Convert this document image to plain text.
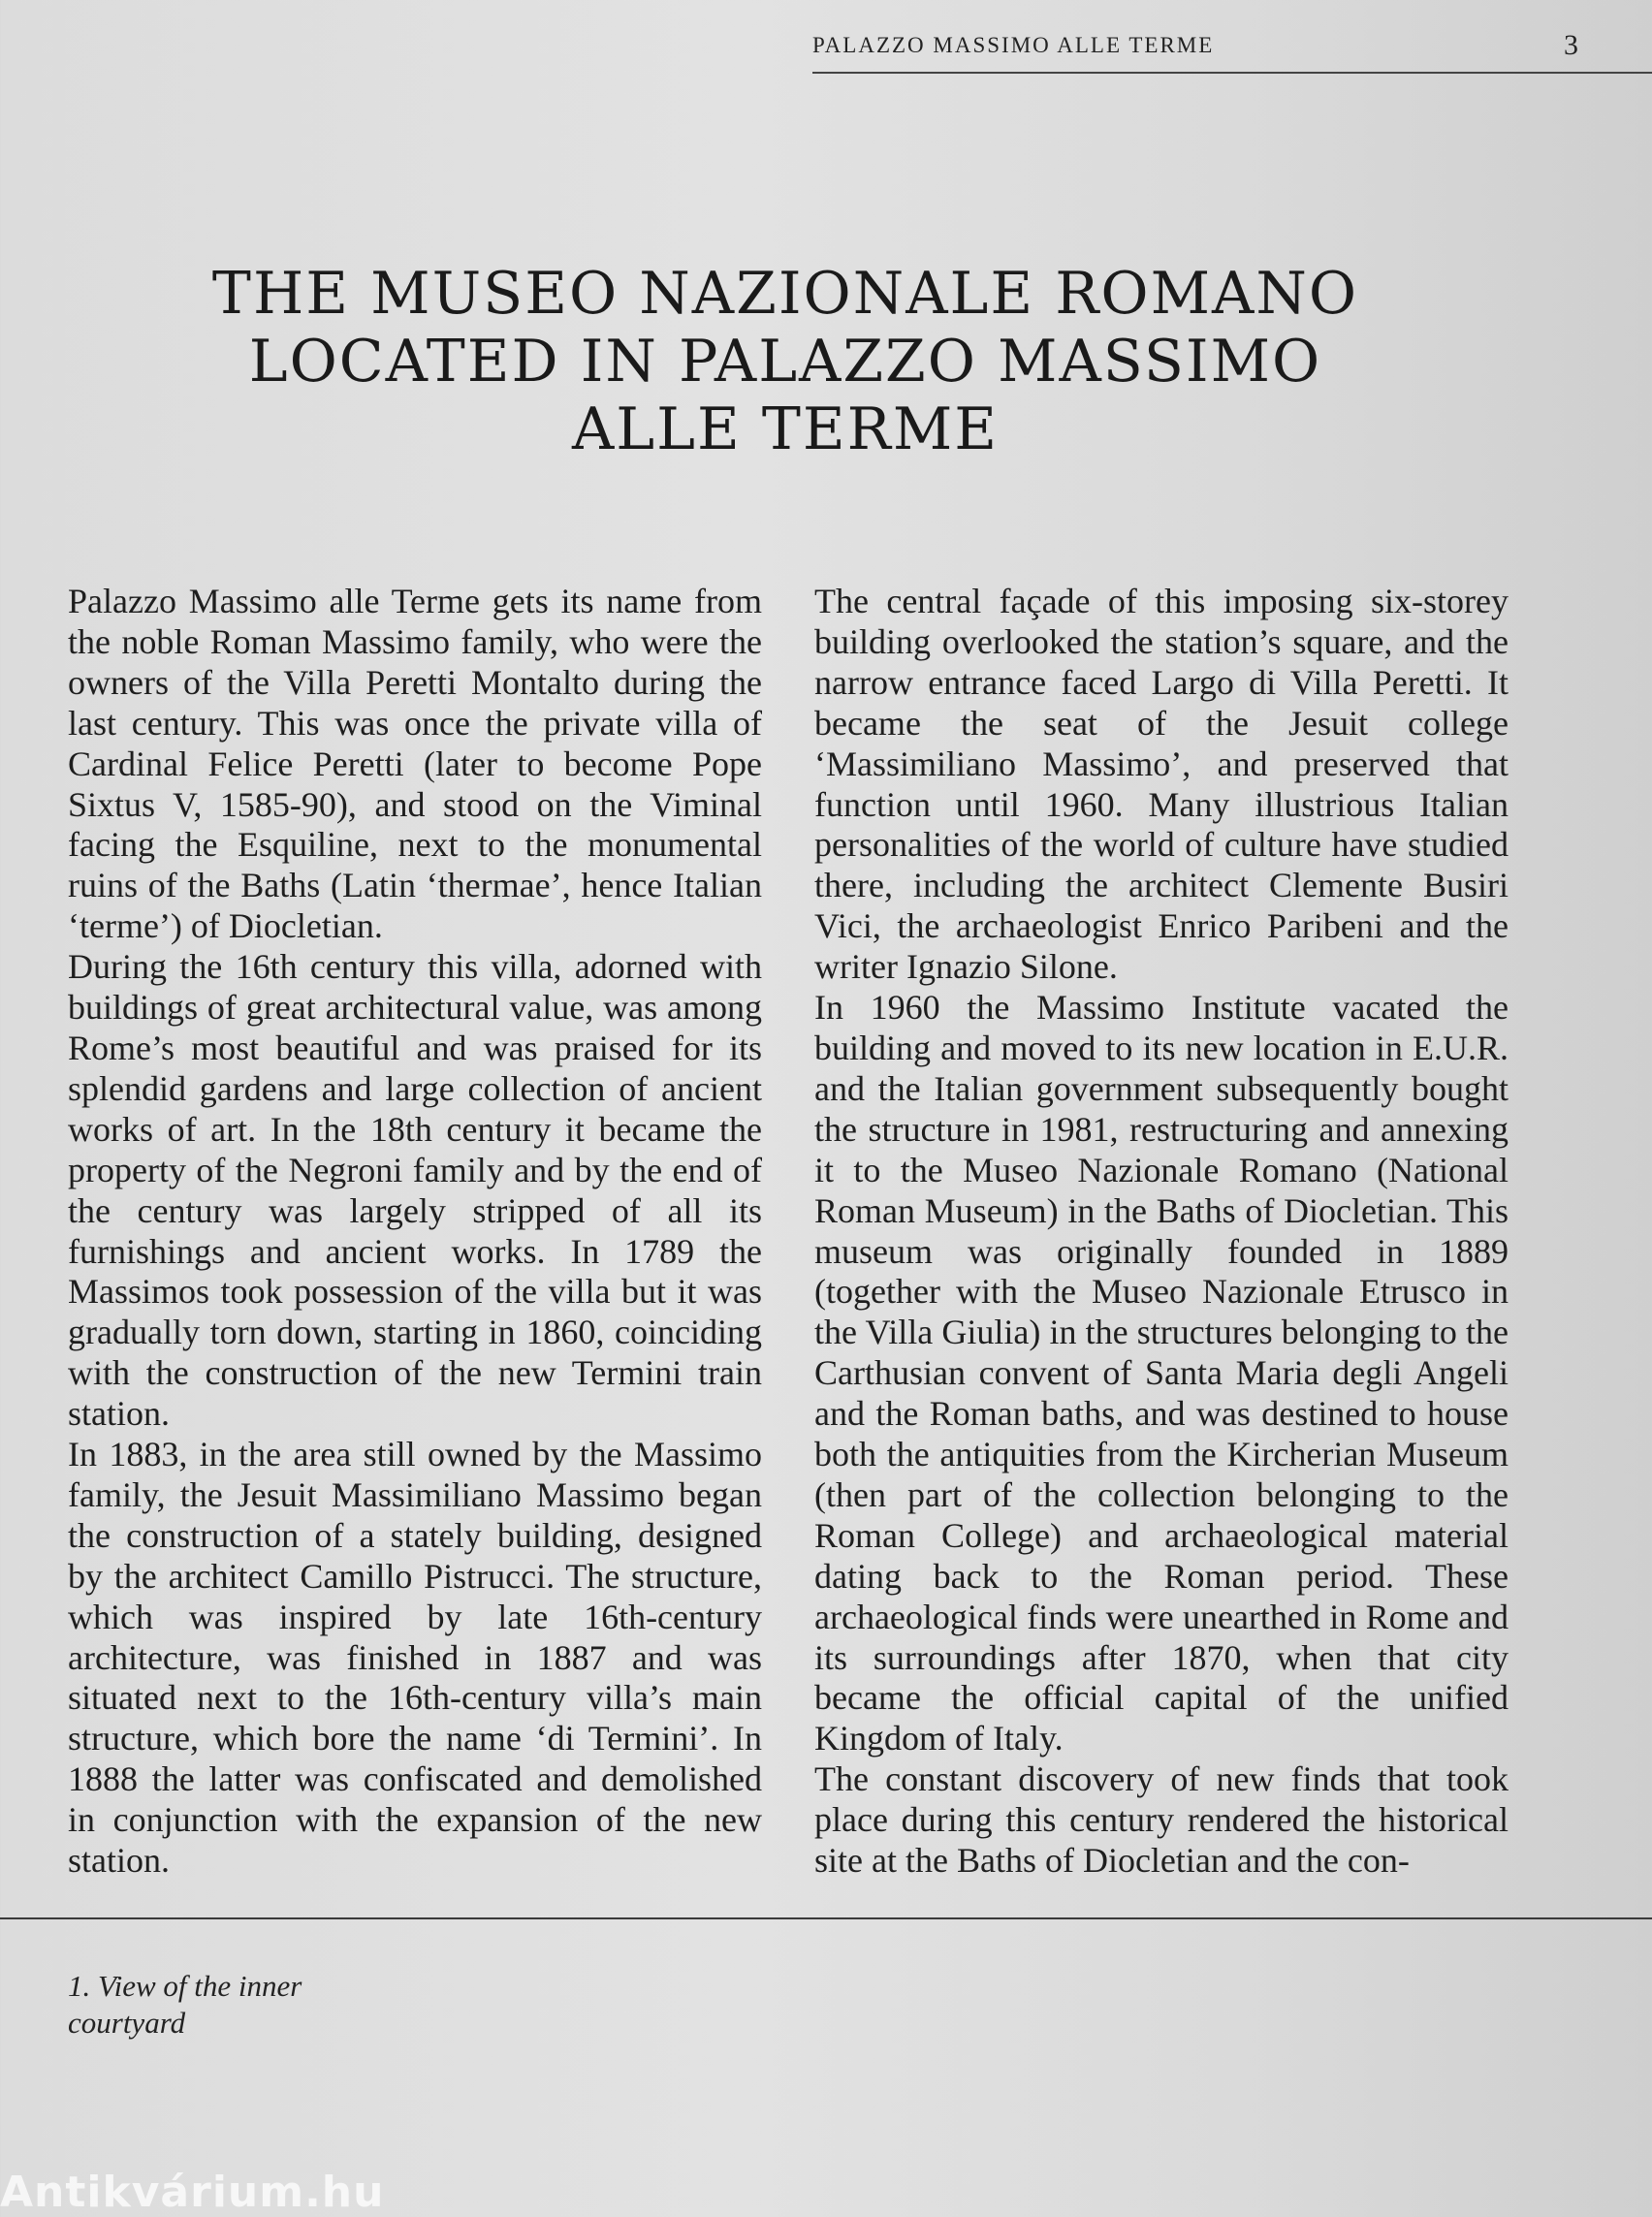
PALAZZO MASSIMO ALLE TERME	3
THE MUSEO NAZIONALE ROMANO
LOCATED IN PALAZZO MASSIMO
ALLE TERME

Palazzo Massimo alle Terme gets its name from the noble Roman Massimo family, who were the owners of the Villa Peretti Montalto during the last century. This was once the private villa of Cardinal Felice Peretti (later to become Pope Sixtus V, 1585-90), and stood on the Viminal facing the Esquiline, next to the monumental ruins of the Baths (Latin ‘thermae’, hence Italian ‘terme’) of Diocletian.

During the 16th century this villa, adorned with buildings of great architectural value, was among Rome’s most beautiful and was praised for its splendid gardens and large collection of ancient works of art. In the 18th century it became the property of the Negroni family and by the end of the century was largely stripped of all its furnishings and ancient works. In 1789 the Massimos took possession of the villa but it was gradually torn down, starting in 1860, coinciding with the construction of the new Termini train station.

In 1883, in the area still owned by the Massimo family, the Jesuit Massimiliano Massimo began the construction of a stately building, designed by the architect Camillo Pistrucci. The structure, which was inspired by late 16th-century architecture, was finished in 1887 and was situated next to the 16th-century villa’s main structure, which bore the name ‘di Termini’. In 1888 the latter was confiscated and demolished in conjunction with the expansion of the new station.

The central façade of this imposing six-storey building overlooked the station’s square, and the narrow entrance faced Largo di Villa Peretti. It became the seat of the Jesuit college ‘Massimiliano Massimo’, and preserved that function until 1960. Many illustrious Italian personalities of the world of culture have studied there, including the architect Clemente Busiri Vici, the archaeologist Enrico Paribeni and the writer Ignazio Silone.

In 1960 the Massimo Institute vacated the building and moved to its new location in E.U.R. and the Italian government subsequently bought the structure in 1981, restructuring and annexing it to the Museo Nazionale Romano (National Roman Museum) in the Baths of Diocletian. This museum was originally founded in 1889 (together with the Museo Nazionale Etrusco in the Villa Giulia) in the structures belonging to the Carthusian convent of Santa Maria degli Angeli and the Roman baths, and was destined to house both the antiquities from the Kircherian Museum (then part of the collection belonging to the Roman College) and archaeological material dating back to the Roman period. These archaeological finds were unearthed in Rome and its surroundings after 1870, when that city became the official capital of the unified Kingdom of Italy.

The constant discovery of new finds that took place during this century rendered the historical site at the Baths of Diocletian and the con-

1. View of the inner
courtyard
Antikvárium.hu
